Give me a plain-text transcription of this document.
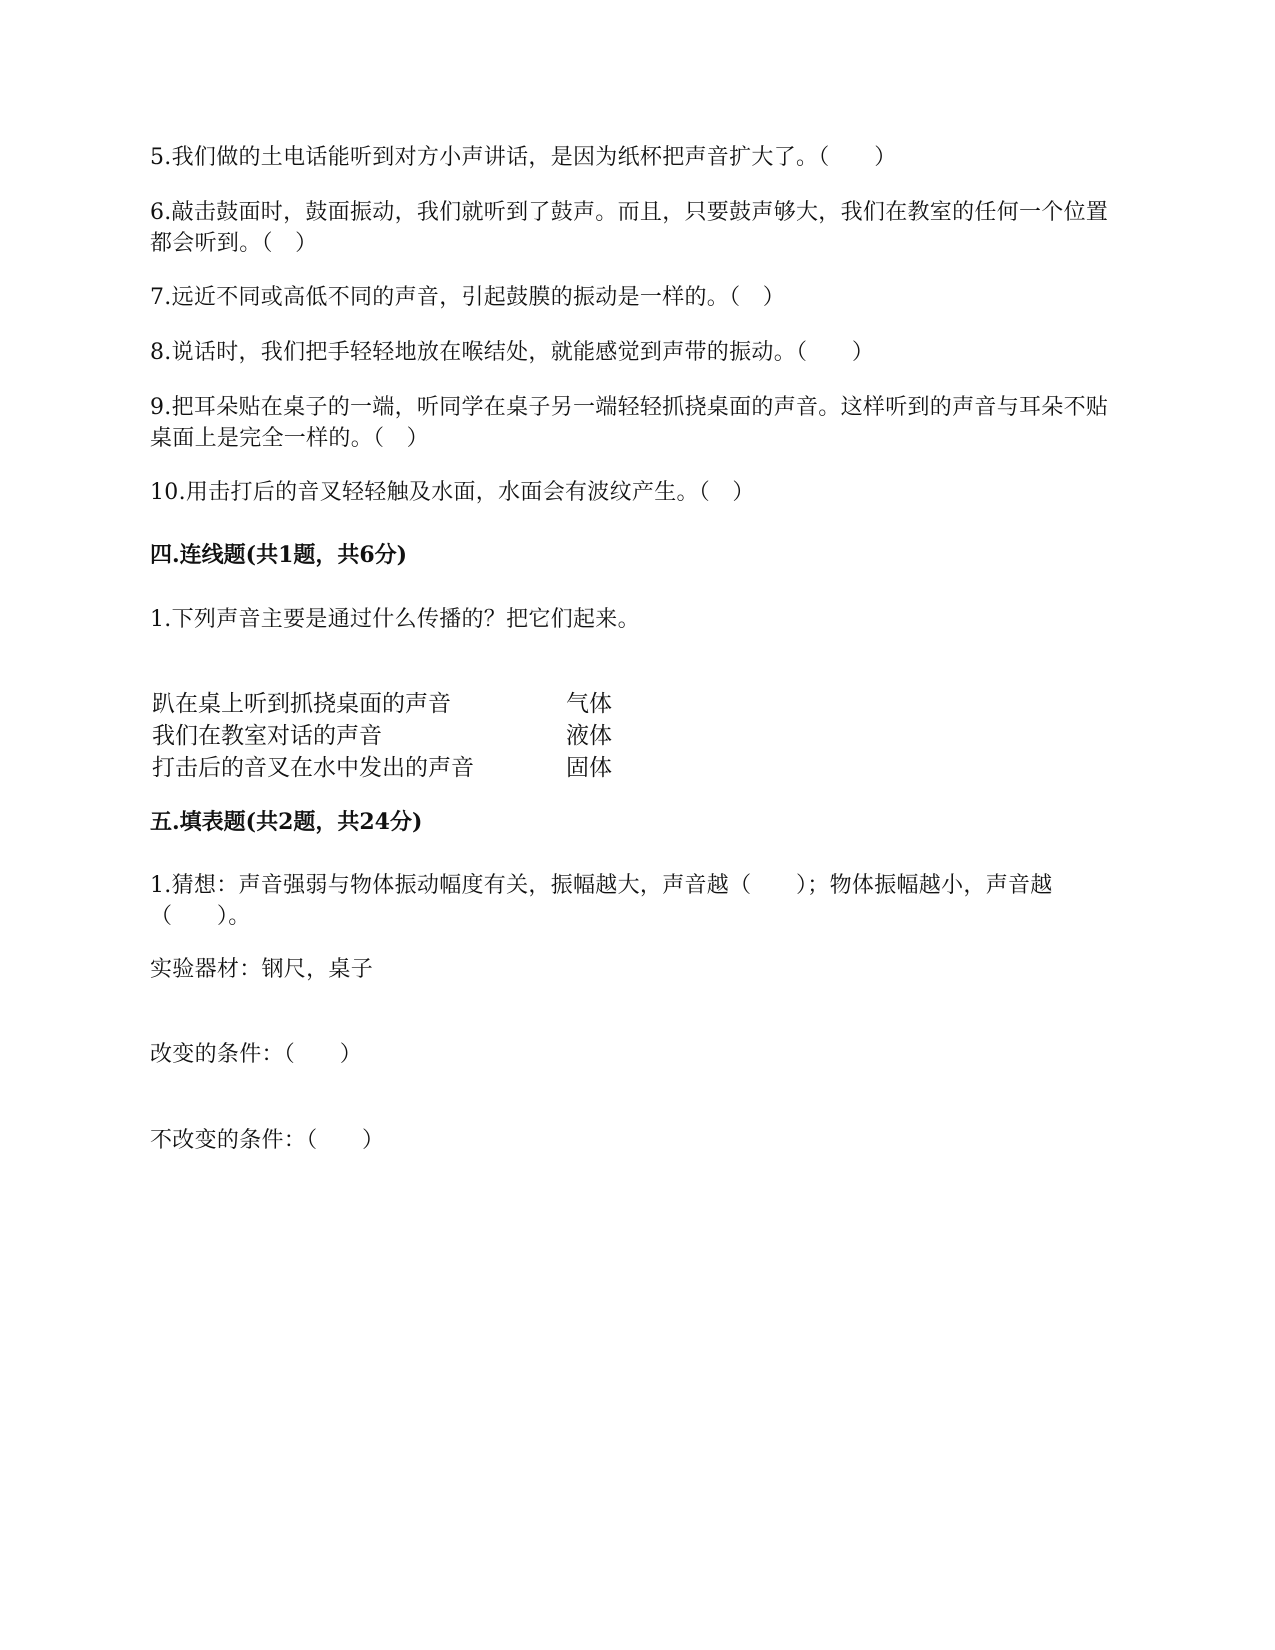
5.我们做的土电话能听到对方小声讲话，是因为纸杯把声音扩大了。（　　）

6.敲击鼓面时，鼓面振动，我们就听到了鼓声。而且，只要鼓声够大，我们在教室的任何一个位置都会听到。（　）

7.远近不同或高低不同的声音，引起鼓膜的振动是一样的。（　）

8.说话时，我们把手轻轻地放在喉结处，就能感觉到声带的振动。（　　）

9.把耳朵贴在桌子的一端，听同学在桌子另一端轻轻抓挠桌面的声音。这样听到的声音与耳朵不贴桌面上是完全一样的。（　）

10.用击打后的音叉轻轻触及水面，水面会有波纹产生。（　）

四.连线题(共1题，共6分)

1.下列声音主要是通过什么传播的？把它们起来。

趴在桌上听到抓挠桌面的声音	气体
我们在教室对话的声音	液体
打击后的音叉在水中发出的声音	固体
五.填表题(共2题，共24分)

1.猜想：声音强弱与物体振动幅度有关，振幅越大，声音越（　　）；物体振幅越小，声音越（　　）。

实验器材：钢尺，桌子

改变的条件：（　　）

不改变的条件：（　　）
